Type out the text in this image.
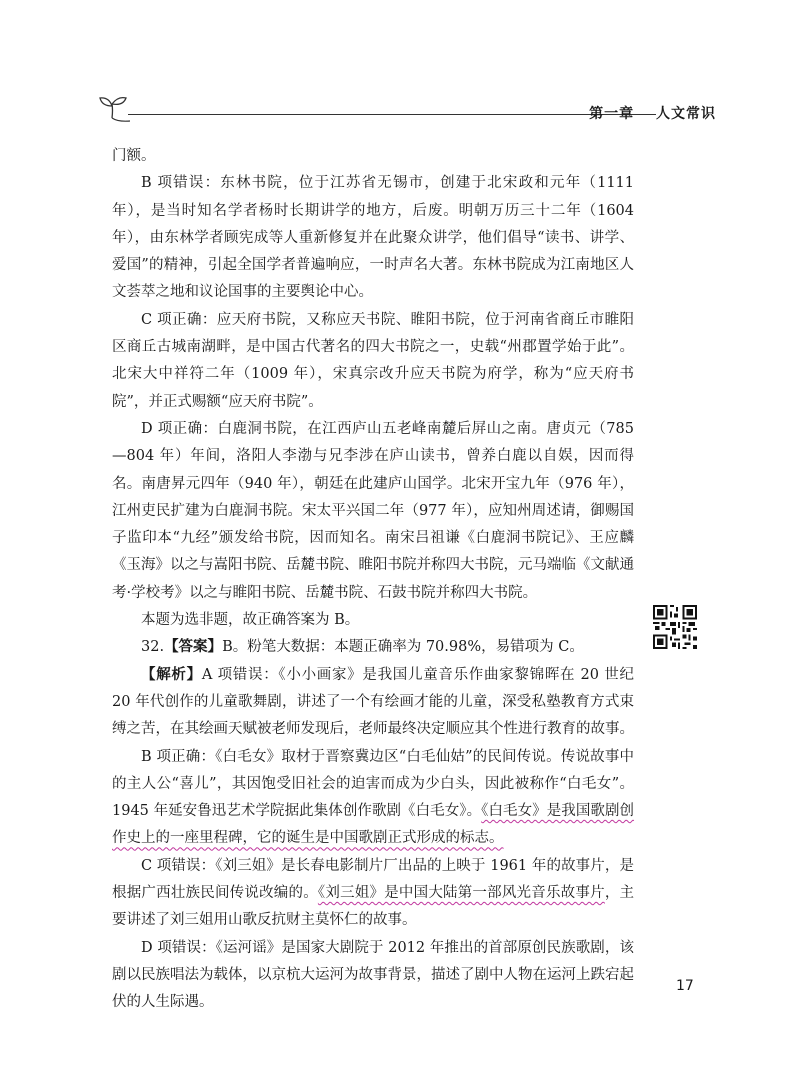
第一章 人文常识

门额。

B 项错误：东林书院，位于江苏省无锡市，创建于北宋政和元年（1111 年），是当时知名学者杨时长期讲学的地方，后废。明朝万历三十二年（1604 年），由东林学者顾宪成等人重新修复并在此聚众讲学，他们倡导“读书、讲学、爱国”的精神，引起全国学者普遍响应，一时声名大著。东林书院成为江南地区人文荟萃之地和议论国事的主要舆论中心。

C 项正确：应天府书院，又称应天书院、睢阳书院，位于河南省商丘市睢阳区商丘古城南湖畔，是中国古代著名的四大书院之一，史载“州郡置学始于此”。北宋大中祥符二年（1009 年），宋真宗改升应天书院为府学，称为“应天府书院”，并正式赐额“应天府书院”。

D 项正确：白鹿洞书院，在江西庐山五老峰南麓后屏山之南。唐贞元（785—804 年）年间，洛阳人李渤与兄李涉在庐山读书，曾养白鹿以自娱，因而得名。南唐昇元四年（940 年），朝廷在此建庐山国学。北宋开宝九年（976 年），江州吏民扩建为白鹿洞书院。宋太平兴国二年（977 年），应知州周述请，御赐国子监印本“九经”颁发给书院，因而知名。南宋吕祖谦《白鹿洞书院记》、王应麟《玉海》以之与嵩阳书院、岳麓书院、睢阳书院并称四大书院，元马端临《文献通考·学校考》以之与睢阳书院、岳麓书院、石鼓书院并称四大书院。

本题为选非题，故正确答案为 B。

32.【答案】B。粉笔大数据：本题正确率为 70.98%，易错项为 C。

【解析】A 项错误：《小小画家》是我国儿童音乐作曲家黎锦晖在 20 世纪 20 年代创作的儿童歌舞剧，讲述了一个有绘画才能的儿童，深受私塾教育方式束缚之苦，在其绘画天赋被老师发现后，老师最终决定顺应其个性进行教育的故事。

B 项正确：《白毛女》取材于晋察冀边区“白毛仙姑”的民间传说。传说故事中的主人公“喜儿”，其因饱受旧社会的迫害而成为少白头，因此被称作“白毛女”。1945 年延安鲁迅艺术学院据此集体创作歌剧《白毛女》。《白毛女》是我国歌剧创作史上的一座里程碑，它的诞生是中国歌剧正式形成的标志。

C 项错误：《刘三姐》是长春电影制片厂出品的上映于 1961 年的故事片，是根据广西壮族民间传说改编的。《刘三姐》是中国大陆第一部风光音乐故事片，主要讲述了刘三姐用山歌反抗财主莫怀仁的故事。

D 项错误：《运河谣》是国家大剧院于 2012 年推出的首部原创民族歌剧，该剧以民族唱法为载体，以京杭大运河为故事背景，描述了剧中人物在运河上跌宕起伏的人生际遇。

17
